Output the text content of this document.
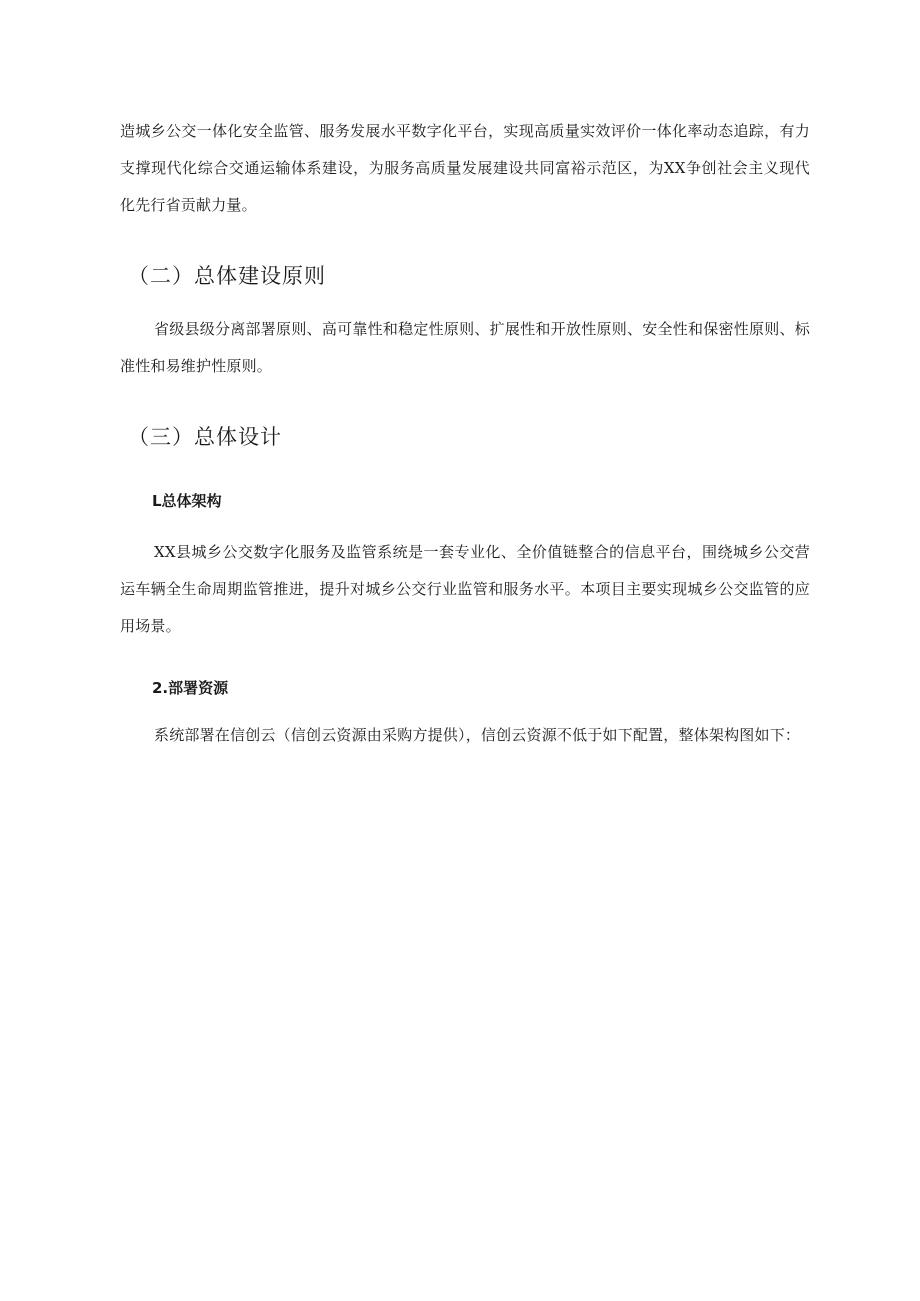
造城乡公交一体化安全监管、服务发展水平数字化平台，实现高质量实效评价一体化率动态追踪，有力支撑现代化综合交通运输体系建设，为服务高质量发展建设共同富裕示范区，为XX争创社会主义现代化先行省贡献力量。

（二）总体建设原则

省级县级分离部署原则、高可靠性和稳定性原则、扩展性和开放性原则、安全性和保密性原则、标准性和易维护性原则。

（三）总体设计
L总体架构

XX县城乡公交数字化服务及监管系统是一套专业化、全价值链整合的信息平台，围绕城乡公交营运车辆全生命周期监管推进，提升对城乡公交行业监管和服务水平。本项目主要实现城乡公交监管的应用场景。

2.部署资源

系统部署在信创云（信创云资源由采购方提供），信创云资源不低于如下配置，整体架构图如下：
